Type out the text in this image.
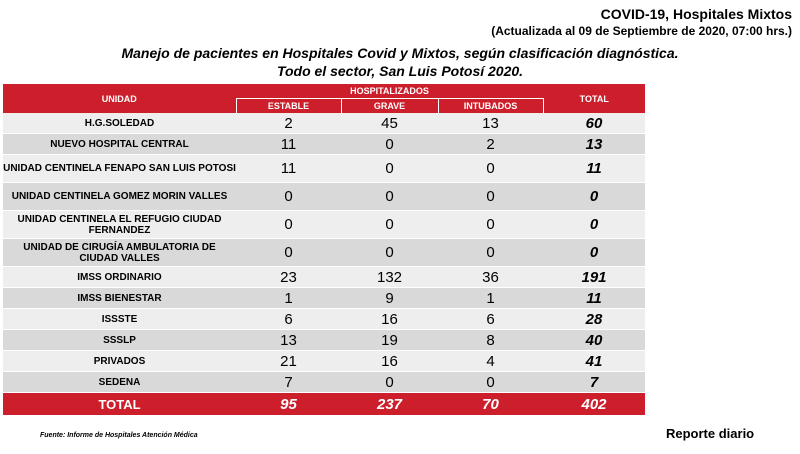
COVID-19, Hospitales Mixtos
(Actualizada al 09 de Septiembre de 2020, 07:00 hrs.)
Manejo de pacientes en Hospitales Covid y Mixtos, según clasificación diagnóstica.
Todo el sector, San Luis Potosí 2020.
UNIDAD	HOSPITALIZADOS			TOTAL
	ESTABLE	GRAVE	INTUBADOS	
H.G.SOLEDAD	2	45	13	60
NUEVO HOSPITAL CENTRAL	11	0	2	13
UNIDAD CENTINELA FENAPO SAN LUIS POTOSI	11	0	0	11
UNIDAD CENTINELA GOMEZ MORIN VALLES	0	0	0	0
UNIDAD CENTINELA EL REFUGIO CIUDAD FERNANDEZ	0	0	0	0
UNIDAD DE CIRUGÍA AMBULATORIA DE CIUDAD VALLES	0	0	0	0
IMSS ORDINARIO	23	132	36	191
IMSS BIENESTAR	1	9	1	11
ISSSTE	6	16	6	28
SSSLP	13	19	8	40
PRIVADOS	21	16	4	41
SEDENA	7	0	0	7
TOTAL	95	237	70	402
Fuente: Informe de Hospitales Atención Médica	Reporte diario
